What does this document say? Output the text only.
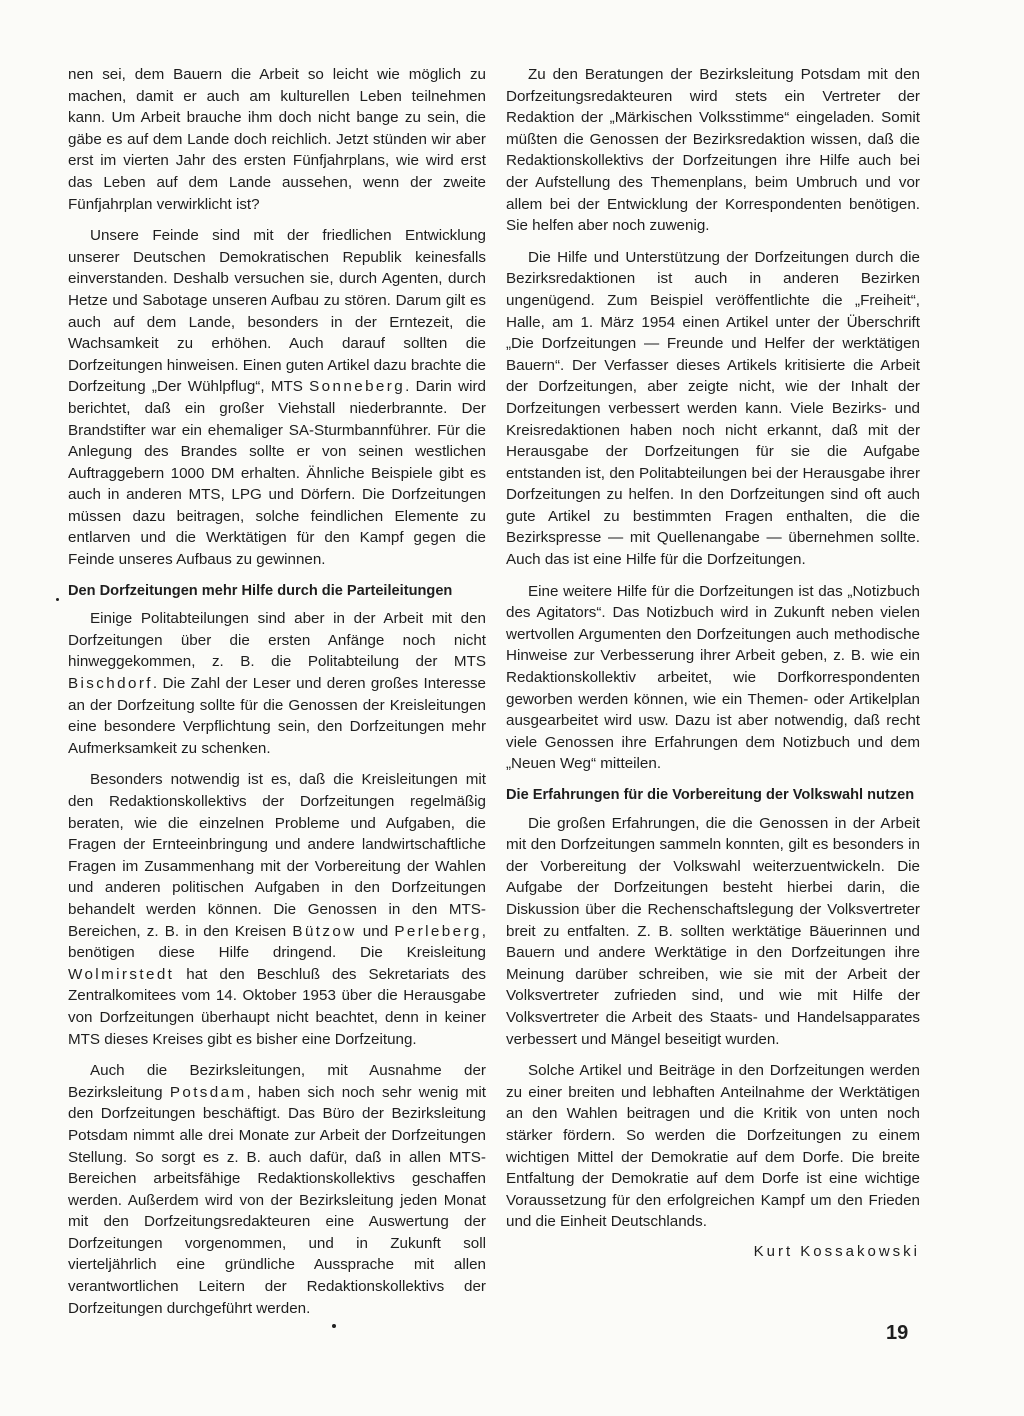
nen sei, dem Bauern die Arbeit so leicht wie möglich zu machen, damit er auch am kulturellen Leben teilnehmen kann. Um Arbeit brauche ihm doch nicht bange zu sein, die gäbe es auf dem Lande doch reichlich. Jetzt stünden wir aber erst im vierten Jahr des ersten Fünfjahrplans, wie wird erst das Leben auf dem Lande aussehen, wenn der zweite Fünfjahrplan verwirklicht ist?

Unsere Feinde sind mit der friedlichen Entwicklung unserer Deutschen Demokratischen Republik keinesfalls einverstanden. Deshalb versuchen sie, durch Agenten, durch Hetze und Sabotage unseren Aufbau zu stören. Darum gilt es auch auf dem Lande, besonders in der Erntezeit, die Wachsamkeit zu erhöhen. Auch darauf sollten die Dorfzeitungen hinweisen. Einen guten Artikel dazu brachte die Dorfzeitung „Der Wühlpflug“, MTS Sonneberg. Darin wird berichtet, daß ein großer Viehstall niederbrannte. Der Brandstifter war ein ehemaliger SA-Sturmbannführer. Für die Anlegung des Brandes sollte er von seinen westlichen Auftraggebern 1000 DM erhalten. Ähnliche Beispiele gibt es auch in anderen MTS, LPG und Dörfern. Die Dorfzeitungen müssen dazu beitragen, solche feindlichen Elemente zu entlarven und die Werktätigen für den Kampf gegen die Feinde unseres Aufbaus zu gewinnen.

Den Dorfzeitungen mehr Hilfe durch die Parteileitungen

Einige Politabteilungen sind aber in der Arbeit mit den Dorfzeitungen über die ersten Anfänge noch nicht hinweggekommen, z. B. die Politabteilung der MTS Bischdorf. Die Zahl der Leser und deren großes Interesse an der Dorfzeitung sollte für die Genossen der Kreisleitungen eine besondere Verpflichtung sein, den Dorfzeitungen mehr Aufmerksamkeit zu schenken.

Besonders notwendig ist es, daß die Kreisleitungen mit den Redaktionskollektivs der Dorfzeitungen regelmäßig beraten, wie die einzelnen Probleme und Aufgaben, die Fragen der Ernteeinbringung und andere landwirtschaftliche Fragen im Zusammenhang mit der Vorbereitung der Wahlen und anderen politischen Aufgaben in den Dorfzeitungen behandelt werden können. Die Genossen in den MTS-Bereichen, z. B. in den Kreisen Bützow und Perleberg, benötigen diese Hilfe dringend. Die Kreisleitung Wolmirstedt hat den Beschluß des Sekretariats des Zentralkomitees vom 14. Oktober 1953 über die Herausgabe von Dorfzeitungen überhaupt nicht beachtet, denn in keiner MTS dieses Kreises gibt es bisher eine Dorfzeitung.

Auch die Bezirksleitungen, mit Ausnahme der Bezirksleitung Potsdam, haben sich noch sehr wenig mit den Dorfzeitungen beschäftigt. Das Büro der Bezirksleitung Potsdam nimmt alle drei Monate zur Arbeit der Dorfzeitungen Stellung. So sorgt es z. B. auch dafür, daß in allen MTS-Bereichen arbeitsfähige Redaktionskollektivs geschaffen werden. Außerdem wird von der Bezirksleitung jeden Monat mit den Dorfzeitungsredakteuren eine Auswertung der Dorfzeitungen vorgenommen, und in Zukunft soll vierteljährlich eine gründliche Aussprache mit allen verantwortlichen Leitern der Redaktionskollektivs der Dorfzeitungen durchgeführt werden.

Zu den Beratungen der Bezirksleitung Potsdam mit den Dorfzeitungsredakteuren wird stets ein Vertreter der Redaktion der „Märkischen Volksstimme“ eingeladen. Somit müßten die Genossen der Bezirksredaktion wissen, daß die Redaktionskollektivs der Dorfzeitungen ihre Hilfe auch bei der Aufstellung des Themenplans, beim Umbruch und vor allem bei der Entwicklung der Korrespondenten benötigen. Sie helfen aber noch zuwenig.

Die Hilfe und Unterstützung der Dorfzeitungen durch die Bezirksredaktionen ist auch in anderen Bezirken ungenügend. Zum Beispiel veröffentlichte die „Freiheit“, Halle, am 1. März 1954 einen Artikel unter der Überschrift „Die Dorfzeitungen — Freunde und Helfer der werktätigen Bauern“. Der Verfasser dieses Artikels kritisierte die Arbeit der Dorfzeitungen, aber zeigte nicht, wie der Inhalt der Dorfzeitungen verbessert werden kann. Viele Bezirks- und Kreisredaktionen haben noch nicht erkannt, daß mit der Herausgabe der Dorfzeitungen für sie die Aufgabe entstanden ist, den Politabteilungen bei der Herausgabe ihrer Dorfzeitungen zu helfen. In den Dorfzeitungen sind oft auch gute Artikel zu bestimmten Fragen enthalten, die die Bezirkspresse — mit Quellenangabe — übernehmen sollte. Auch das ist eine Hilfe für die Dorfzeitungen.

Eine weitere Hilfe für die Dorfzeitungen ist das „Notizbuch des Agitators“. Das Notizbuch wird in Zukunft neben vielen wertvollen Argumenten den Dorfzeitungen auch methodische Hinweise zur Verbesserung ihrer Arbeit geben, z. B. wie ein Redaktionskollektiv arbeitet, wie Dorfkorrespondenten geworben werden können, wie ein Themen- oder Artikelplan ausgearbeitet wird usw. Dazu ist aber notwendig, daß recht viele Genossen ihre Erfahrungen dem Notizbuch und dem „Neuen Weg“ mitteilen.

Die Erfahrungen für die Vorbereitung der Volkswahl nutzen

Die großen Erfahrungen, die die Genossen in der Arbeit mit den Dorfzeitungen sammeln konnten, gilt es besonders in der Vorbereitung der Volkswahl weiterzuentwickeln. Die Aufgabe der Dorfzeitungen besteht hierbei darin, die Diskussion über die Rechenschaftslegung der Volksvertreter breit zu entfalten. Z. B. sollten werktätige Bäuerinnen und Bauern und andere Werktätige in den Dorfzeitungen ihre Meinung darüber schreiben, wie sie mit der Arbeit der Volksvertreter zufrieden sind, und wie mit Hilfe der Volksvertreter die Arbeit des Staats- und Handelsapparates verbessert und Mängel beseitigt wurden.

Solche Artikel und Beiträge in den Dorfzeitungen werden zu einer breiten und lebhaften Anteilnahme der Werktätigen an den Wahlen beitragen und die Kritik von unten noch stärker fördern. So werden die Dorfzeitungen zu einem wichtigen Mittel der Demokratie auf dem Dorfe. Die breite Entfaltung der Demokratie auf dem Dorfe ist eine wichtige Voraussetzung für den erfolgreichen Kampf um den Frieden und die Einheit Deutschlands.

Kurt Kossakowski
19
